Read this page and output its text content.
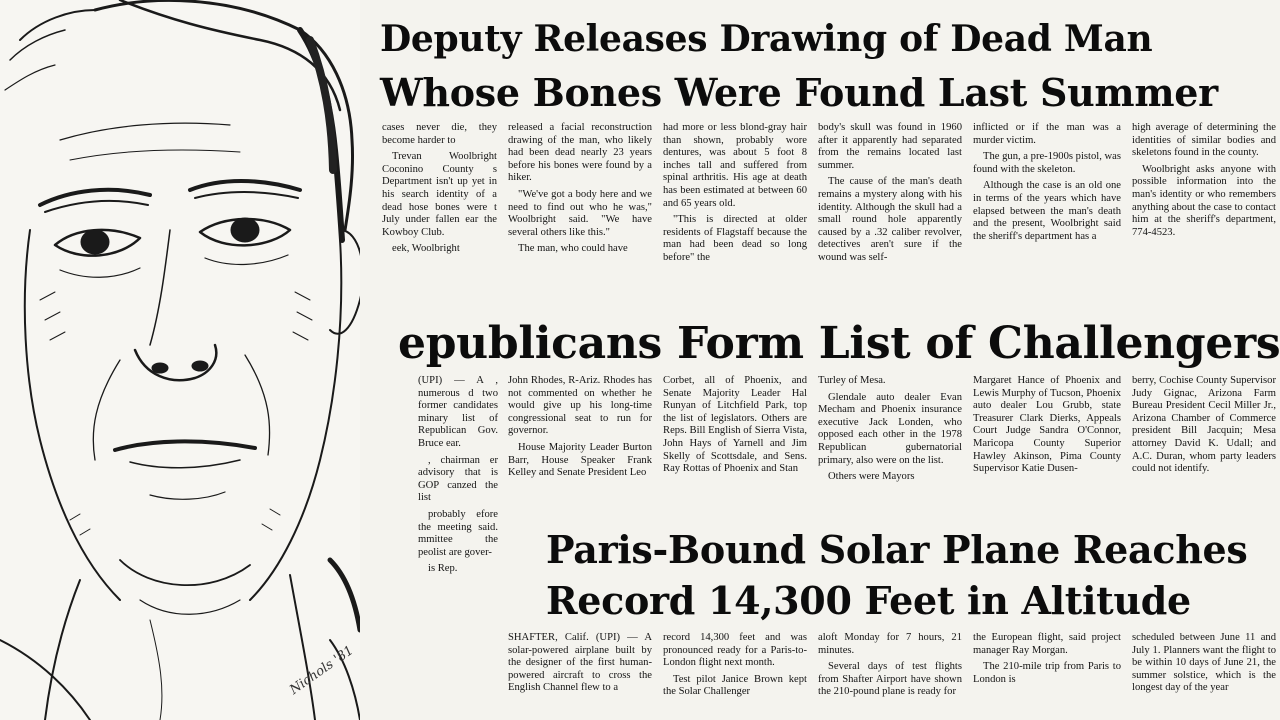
Nichols '81
Deputy Releases Drawing of Dead Man
Whose Bones Were Found Last Summer

cases never die, they become harder to

Trevan Woolbright Coconino County s Department isn't up yet in his search identity of a dead hose bones were t July under fallen ear the Kowboy Club.

eek, Woolbright

released a facial reconstruction drawing of the man, who likely had been dead nearly 23 years before his bones were found by a hiker.

"We've got a body here and we need to find out who he was," Woolbright said. "We have several others like this."

The man, who could have

had more or less blond-gray hair than shown, probably wore dentures, was about 5 foot 8 inches tall and suffered from spinal arthritis. His age at death has been estimated at between 60 and 65 years old.

"This is directed at older residents of Flagstaff because the man had been dead so long before" the

body's skull was found in 1960 after it apparently had separated from the remains located last summer.

The cause of the man's death remains a mystery along with his identity. Although the skull had a small round hole apparently caused by a .32 caliber revolver, detectives aren't sure if the wound was self-

inflicted or if the man was a murder victim.

The gun, a pre-1900s pistol, was found with the skeleton.

Although the case is an old one in terms of the years which have elapsed between the man's death and the present, Woolbright said the sheriff's department has a

high average of determining the identities of similar bodies and skeletons found in the county.

Woolbright asks anyone with possible information into the man's identity or who remembers anything about the case to contact him at the sheriff's department, 774-4523.

epublicans Form List of Challengers

(UPI) — A , numerous d two former candidates minary list of Republican Gov. Bruce ear.

, chairman er advisory that is GOP canzed the list

probably efore the meeting said. mmittee the peolist are gover-

is Rep.

John Rhodes, R-Ariz. Rhodes has not commented on whether he would give up his long-time congressional seat to run for governor.

House Majority Leader Burton Barr, House Speaker Frank Kelley and Senate President Leo

Corbet, all of Phoenix, and Senate Majority Leader Hal Runyan of Litchfield Park, top the list of legislators. Others are Reps. Bill English of Sierra Vista, John Hays of Yarnell and Jim Skelly of Scottsdale, and Sens. Ray Rottas of Phoenix and Stan

Turley of Mesa.

Glendale auto dealer Evan Mecham and Phoenix insurance executive Jack Londen, who opposed each other in the 1978 Republican gubernatorial primary, also were on the list.

Others were Mayors

Margaret Hance of Phoenix and Lewis Murphy of Tucson, Phoenix auto dealer Lou Grubb, state Treasurer Clark Dierks, Appeals Court Judge Sandra O'Connor, Maricopa County Superior Hawley Akinson, Pima County Supervisor Katie Dusen-

berry, Cochise County Supervisor Judy Gignac, Arizona Farm Bureau President Cecil Miller Jr., Arizona Chamber of Commerce president Bill Jacquin; Mesa attorney David K. Udall; and A.C. Duran, whom party leaders could not identify.

Paris-Bound Solar Plane Reaches
Record 14,300 Feet in Altitude

SHAFTER, Calif. (UPI) — A solar-powered airplane built by the designer of the first human-powered aircraft to cross the English Channel flew to a

record 14,300 feet and was pronounced ready for a Paris-to-London flight next month.

Test pilot Janice Brown kept the Solar Challenger

aloft Monday for 7 hours, 21 minutes.

Several days of test flights from Shafter Airport have shown the 210-pound plane is ready for

the European flight, said project manager Ray Morgan.

The 210-mile trip from Paris to London is

scheduled between June 11 and July 1. Planners want the flight to be within 10 days of June 21, the summer solstice, which is the longest day of the year
